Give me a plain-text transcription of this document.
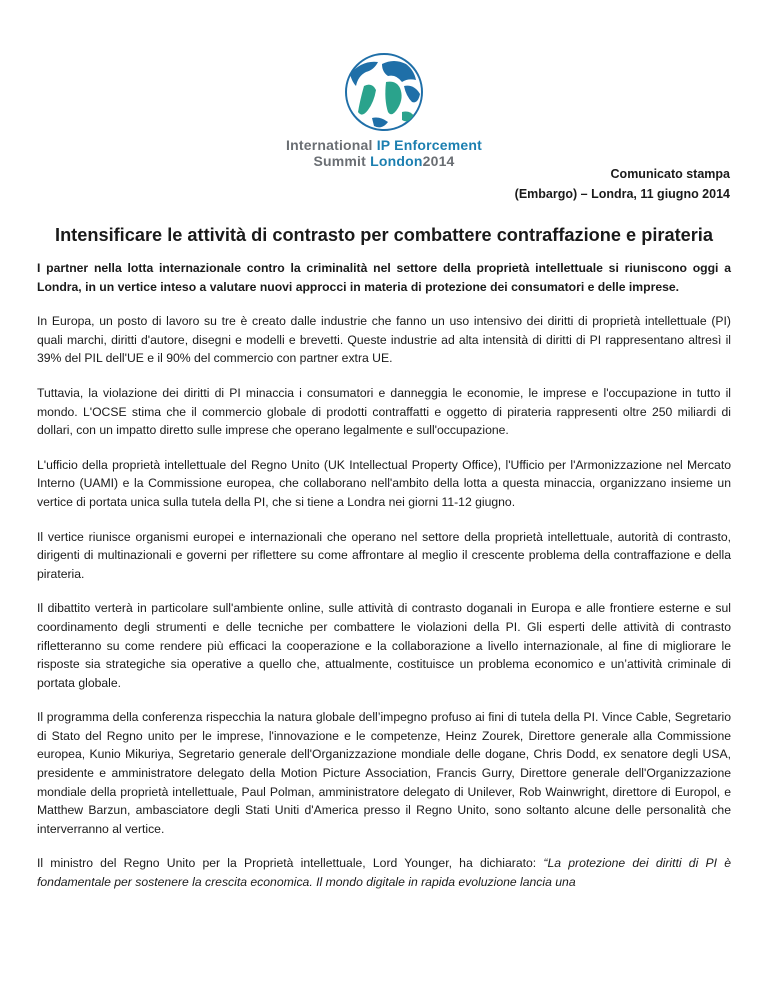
International IP Enforcement
Summit London2014
Comunicato stampa
(Embargo) – Londra, 11 giugno 2014
Intensificare le attività di contrasto per combattere contraffazione e pirateria

I partner nella lotta internazionale contro la criminalità nel settore della proprietà intellettuale si riuniscono oggi a Londra, in un vertice inteso a valutare nuovi approcci in materia di protezione dei consumatori e delle imprese.

In Europa, un posto di lavoro su tre è creato dalle industrie che fanno un uso intensivo dei diritti di proprietà intellettuale (PI) quali marchi, diritti d'autore, disegni e modelli e brevetti. Queste industrie ad alta intensità di diritti di PI rappresentano altresì il 39% del PIL dell'UE e il 90% del commercio con partner extra UE.

Tuttavia, la violazione dei diritti di PI minaccia i consumatori e danneggia le economie, le imprese e l'occupazione in tutto il mondo. L'OCSE stima che il commercio globale di prodotti contraffatti e oggetto di pirateria rappresenti oltre 250 miliardi di dollari, con un impatto diretto sulle imprese che operano legalmente e sull'occupazione.

L'ufficio della proprietà intellettuale del Regno Unito (UK Intellectual Property Office), l'Ufficio per l'Armonizzazione nel Mercato Interno (UAMI) e la Commissione europea, che collaborano nell'ambito della lotta a questa minaccia, organizzano insieme un vertice di portata unica sulla tutela della PI, che si tiene a Londra nei giorni 11-12 giugno.

Il vertice riunisce organismi europei e internazionali che operano nel settore della proprietà intellettuale, autorità di contrasto, dirigenti di multinazionali e governi per riflettere su come affrontare al meglio il crescente problema della contraffazione e della pirateria.

Il dibattito verterà in particolare sull'ambiente online, sulle attività di contrasto doganali in Europa e alle frontiere esterne e sul coordinamento degli strumenti e delle tecniche per combattere le violazioni della PI. Gli esperti delle attività di contrasto rifletteranno su come rendere più efficaci la cooperazione e la collaborazione a livello internazionale, al fine di migliorare le risposte sia strategiche sia operative a quello che, attualmente, costituisce un problema economico e un’attività criminale di portata globale.

Il programma della conferenza rispecchia la natura globale dell’impegno profuso ai fini di tutela della PI. Vince Cable, Segretario di Stato del Regno unito per le imprese, l'innovazione e le competenze, Heinz Zourek, Direttore generale alla Commissione europea, Kunio Mikuriya, Segretario generale dell'Organizzazione mondiale delle dogane, Chris Dodd, ex senatore degli USA, presidente e amministratore delegato della Motion Picture Association, Francis Gurry, Direttore generale dell'Organizzazione mondiale della proprietà intellettuale, Paul Polman, amministratore delegato di Unilever, Rob Wainwright, direttore di Europol, e Matthew Barzun, ambasciatore degli Stati Uniti d'America presso il Regno Unito, sono soltanto alcune delle personalità che interverranno al vertice.

Il ministro del Regno Unito per la Proprietà intellettuale, Lord Younger, ha dichiarato: “La protezione dei diritti di PI è fondamentale per sostenere la crescita economica. Il mondo digitale in rapida evoluzione lancia una
